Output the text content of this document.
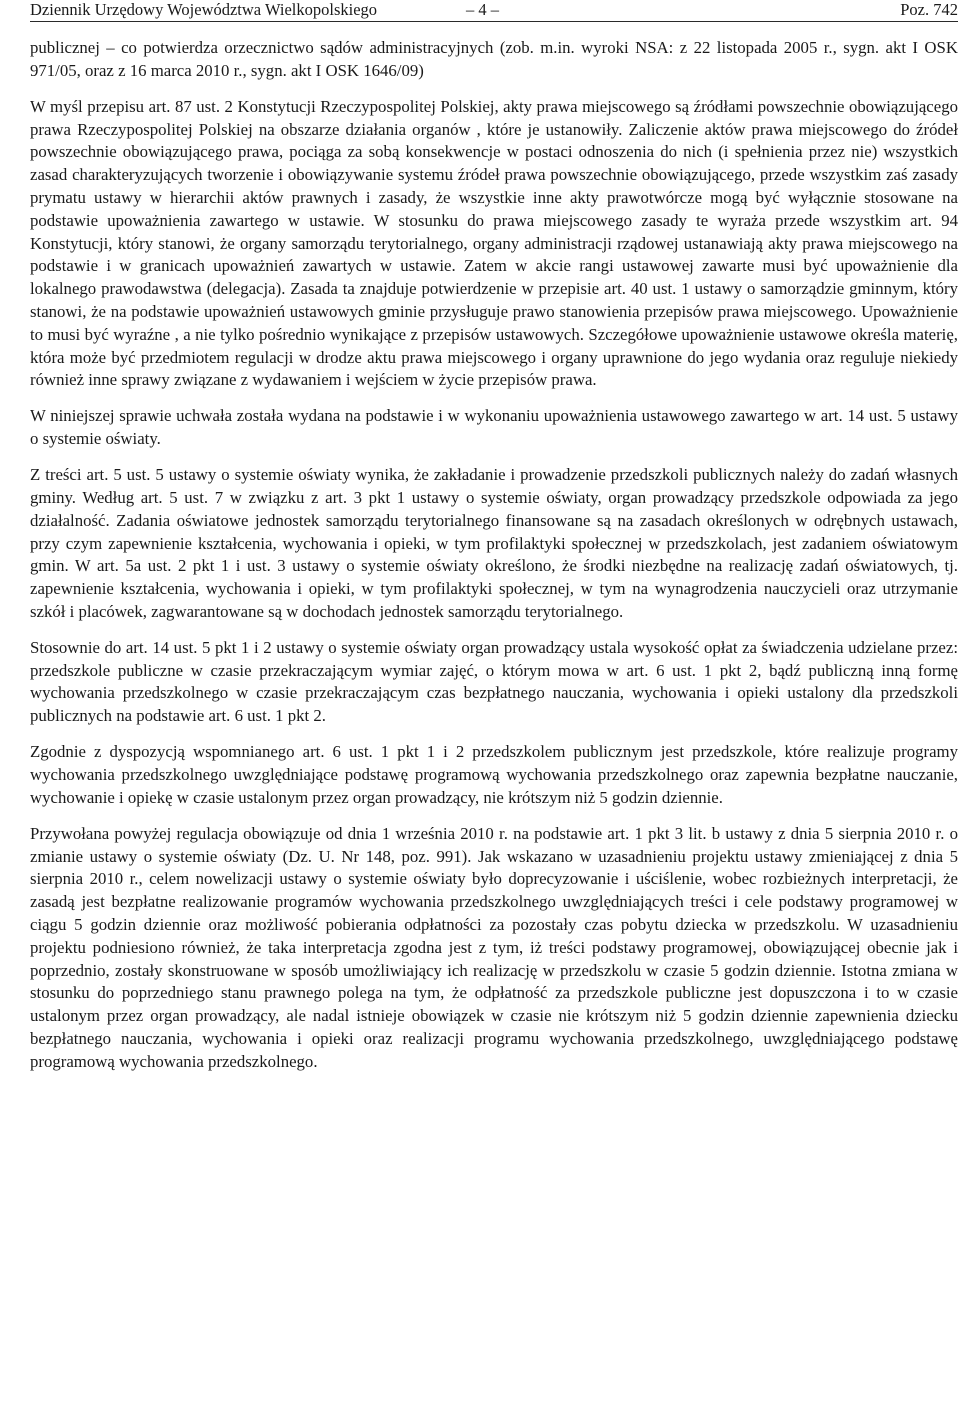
Dziennik Urzędowy Województwa Wielkopolskiego	– 4 –	Poz. 742

publicznej – co potwierdza orzecznictwo sądów administracyjnych (zob. m.in. wyroki NSA: z 22 listopada 2005 r., sygn. akt I OSK 971/05, oraz z 16 marca 2010 r., sygn. akt I OSK 1646/09)

W myśl przepisu art. 87 ust. 2 Konstytucji Rzeczypospolitej Polskiej, akty prawa miejscowego są źródłami powszechnie obowiązującego prawa Rzeczypospolitej Polskiej na obszarze działania organów , które je ustanowiły. Zaliczenie aktów prawa miejscowego do źródeł powszechnie obowiązującego prawa, pociąga za sobą konsekwencje w postaci odnoszenia do nich (i spełnienia przez nie) wszystkich zasad charakteryzujących tworzenie i obowiązywanie systemu źródeł prawa powszechnie obowiązującego, przede wszystkim zaś zasady prymatu ustawy w hierarchii aktów prawnych i zasady, że wszystkie inne akty prawotwórcze mogą być wyłącznie stosowane na podstawie upoważnienia zawartego w ustawie. W stosunku do prawa miejscowego zasady te wyraża przede wszystkim art. 94 Konstytucji, który stanowi, że organy samorządu terytorialnego, organy administracji rządowej ustanawiają akty prawa miejscowego na podstawie i w granicach upoważnień zawartych w ustawie. Zatem w akcie rangi ustawowej zawarte musi być upoważnienie dla lokalnego prawodawstwa (delegacja). Zasada ta znajduje potwierdzenie w przepisie art. 40 ust. 1 ustawy o samorządzie gminnym, który stanowi, że na podstawie upoważnień ustawowych gminie przysługuje prawo stanowienia przepisów prawa miejscowego. Upoważnienie to musi być wyraźne , a nie tylko pośrednio wynikające z przepisów ustawowych. Szczegółowe upoważnienie ustawowe określa materię, która może być przedmiotem regulacji w drodze aktu prawa miejscowego i organy uprawnione do jego wydania oraz reguluje niekiedy również inne sprawy związane z wydawaniem i wejściem w życie przepisów prawa.

W niniejszej sprawie uchwała została wydana na podstawie i w wykonaniu upoważnienia ustawowego zawartego w art. 14 ust. 5 ustawy o systemie oświaty.

Z treści art. 5 ust. 5 ustawy o systemie oświaty wynika, że zakładanie i prowadzenie przedszkoli publicznych należy do zadań własnych gminy. Według art. 5 ust. 7 w związku z art. 3 pkt 1 ustawy o systemie oświaty, organ prowadzący przedszkole odpowiada za jego działalność. Zadania oświatowe jednostek samorządu terytorialnego finansowane są na zasadach określonych w odrębnych ustawach, przy czym zapewnienie kształcenia, wychowania i opieki, w tym profilaktyki społecznej w przedszkolach, jest zadaniem oświatowym gmin. W art. 5a ust. 2 pkt 1 i ust. 3 ustawy o systemie oświaty określono, że środki niezbędne na realizację zadań oświatowych, tj. zapewnienie kształcenia, wychowania i opieki, w tym profilaktyki społecznej, w tym na wynagrodzenia nauczycieli oraz utrzymanie szkół i placówek, zagwarantowane są w dochodach jednostek samorządu terytorialnego.

Stosownie do art. 14 ust. 5 pkt 1 i 2 ustawy o systemie oświaty organ prowadzący ustala wysokość opłat za świadczenia udzielane przez: przedszkole publiczne w czasie przekraczającym wymiar zajęć, o którym mowa w art. 6 ust. 1 pkt 2, bądź publiczną inną formę wychowania przedszkolnego w czasie przekraczającym czas bezpłatnego nauczania, wychowania i opieki ustalony dla przedszkoli publicznych na podstawie art. 6 ust. 1 pkt 2.

Zgodnie z dyspozycją wspomnianego art. 6 ust. 1 pkt 1 i 2 przedszkolem publicznym jest przedszkole, które realizuje programy wychowania przedszkolnego uwzględniające podstawę programową wychowania przedszkolnego oraz zapewnia bezpłatne nauczanie, wychowanie i opiekę w czasie ustalonym przez organ prowadzący, nie krótszym niż 5 godzin dziennie.

Przywołana powyżej regulacja obowiązuje od dnia 1 września 2010 r. na podstawie art. 1 pkt 3 lit. b ustawy z dnia 5 sierpnia 2010 r. o zmianie ustawy o systemie oświaty (Dz. U. Nr 148, poz. 991). Jak wskazano w uzasadnieniu projektu ustawy zmieniającej z dnia 5 sierpnia 2010 r., celem nowelizacji ustawy o systemie oświaty było doprecyzowanie i uściślenie, wobec rozbieżnych interpretacji, że zasadą jest bezpłatne realizowanie programów wychowania przedszkolnego uwzględniających treści i cele podstawy programowej w ciągu 5 godzin dziennie oraz możliwość pobierania odpłatności za pozostały czas pobytu dziecka w przedszkolu. W uzasadnieniu projektu podniesiono również, że taka interpretacja zgodna jest z tym, iż treści podstawy programowej, obowiązującej obecnie jak i poprzednio, zostały skonstruowane w sposób umożliwiający ich realizację w przedszkolu w czasie 5 godzin dziennie. Istotna zmiana w stosunku do poprzedniego stanu prawnego polega na tym, że odpłatność za przedszkole publiczne jest dopuszczona i to w czasie ustalonym przez organ prowadzący, ale nadal istnieje obowiązek w czasie nie krótszym niż 5 godzin dziennie zapewnienia dziecku bezpłatnego nauczania, wychowania i opieki oraz realizacji programu wychowania przedszkolnego, uwzględniającego podstawę programową wychowania przedszkolnego.
